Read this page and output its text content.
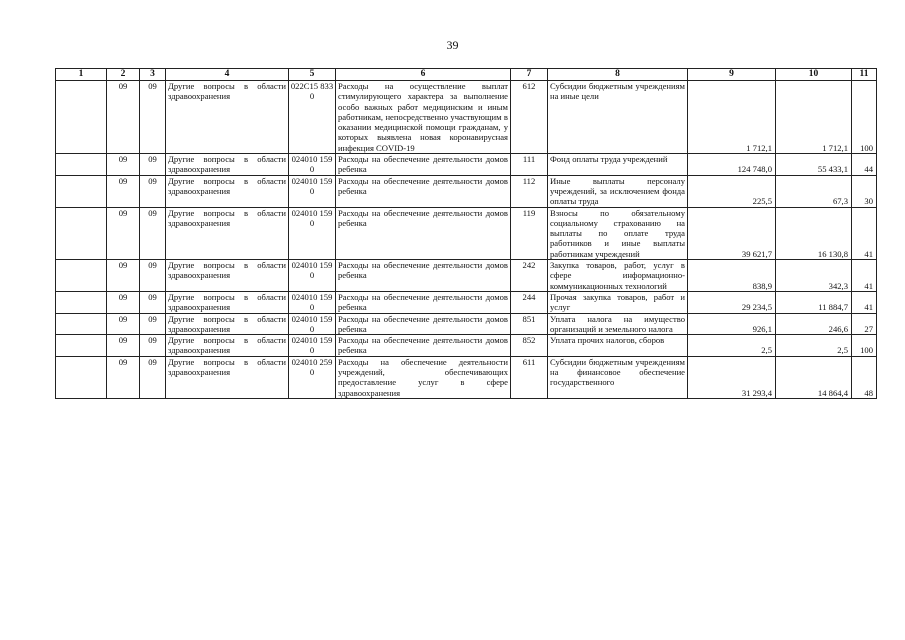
39
1	2	3	4	5	6	7	8	9	10	11
	09	09	Другие вопросы в области здравоохранения	022С15 8330	Расходы на осуществление выплат стимулирующего характера за выполнение особо важных работ медицинским и иным работникам, непосредственно участвующим в оказании медицинской помощи гражданам, у которых выявлена новая коронавирусная инфекция COVID-19	612	Субсидии бюджетным учреждениям на иные цели	1 712,1	1 712,1	100
	09	09	Другие вопросы в области здравоохранения	024010 1590	Расходы на обеспечение деятельности домов ребенка	111	Фонд оплаты труда учреждений	124 748,0	55 433,1	44
	09	09	Другие вопросы в области здравоохранения	024010 1590	Расходы на обеспечение деятельности домов ребенка	112	Иные выплаты персоналу учреждений, за исключением фонда оплаты труда	225,5	67,3	30
	09	09	Другие вопросы в области здравоохранения	024010 1590	Расходы на обеспечение деятельности домов ребенка	119	Взносы по обязательному социальному страхованию на выплаты по оплате труда работников и иные выплаты работникам учреждений	39 621,7	16 130,8	41
	09	09	Другие вопросы в области здравоохранения	024010 1590	Расходы на обеспечение деятельности домов ребенка	242	Закупка товаров, работ, услуг в сфере информационно-коммуникационных технологий	838,9	342,3	41
	09	09	Другие вопросы в области здравоохранения	024010 1590	Расходы на обеспечение деятельности домов ребенка	244	Прочая закупка товаров, работ и услуг	29 234,5	11 884,7	41
	09	09	Другие вопросы в области здравоохранения	024010 1590	Расходы на обеспечение деятельности домов ребенка	851	Уплата налога на имущество организаций и земельного налога	926,1	246,6	27
	09	09	Другие вопросы в области здравоохранения	024010 1590	Расходы на обеспечение деятельности домов ребенка	852	Уплата прочих налогов, сборов	2,5	2,5	100
	09	09	Другие вопросы в области здравоохранения	024010 2590	Расходы на обеспечение деятельности учреждений, обеспечивающих предоставление услуг в сфере здравоохранения	611	Субсидии бюджетным учреждениям на финансовое обеспечение государственного	31 293,4	14 864,4	48
